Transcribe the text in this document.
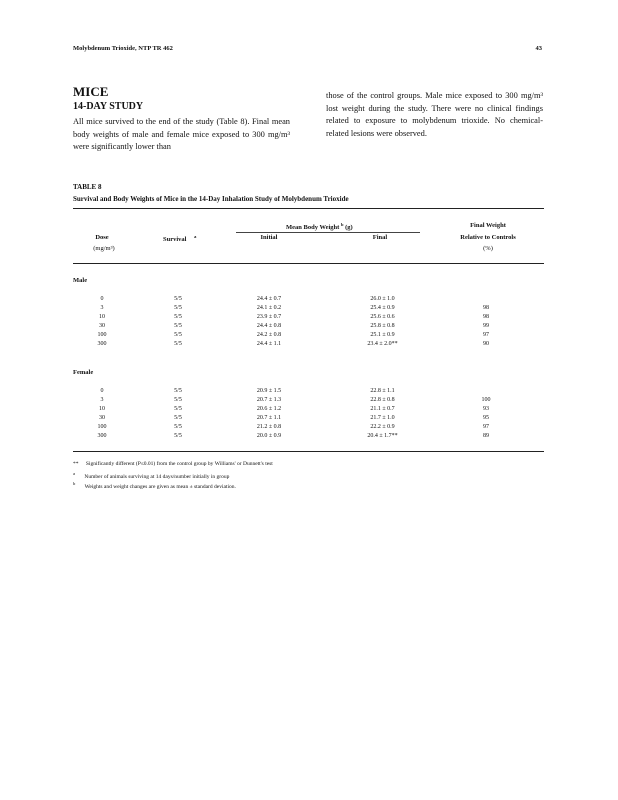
Molybdenum Trioxide, NTP TR 462	43
MICE
14-DAY STUDY
All mice survived to the end of the study (Table 8). Final mean body weights of male and female mice exposed to 300 mg/m³ were significantly lower than
those of the control groups. Male mice exposed to 300 mg/m³ lost weight during the study. There were no clinical findings related to exposure to molybdenum trioxide. No chemical-related lesions were observed.
TABLE 8
Survival and Body Weights of Mice in the 14-Day Inhalation Study of Molybdenum Trioxide
Mean Body Weight $^b$ (g)	Final Weight
Dose
(mg/m³)
Survival $^a$	Initial	Final	Relative to Controls
(%)
Male
0	5/5	24.4 ± 0.7	26.0 ± 1.0
3	5/5	24.1 ± 0.2	25.4 ± 0.9	98
10	5/5	23.9 ± 0.7	25.6 ± 0.6	98
30	5/5	24.4 ± 0.8	25.8 ± 0.8	99
100	5/5	24.2 ± 0.8	25.1 ± 0.9	97
300	5/5	24.4 ± 1.1	23.4 ± 2.0**	90
Female
0	5/5	20.9 ± 1.5	22.8 ± 1.1
3	5/5	20.7 ± 1.3	22.8 ± 0.8	100
10	5/5	20.6 ± 1.2	21.1 ± 0.7	93
30	5/5	20.7 ± 1.1	21.7 ± 1.0	95
100	5/5	21.2 ± 0.8	22.2 ± 0.9	97
300	5/5	20.0 ± 0.9	20.4 ± 1.7**	89
** Significantly different (P≤0.01) from the control group by Williams' or Dunnett's test
$^a$ Number of animals surviving at 14 days/number initially in group
$^b$ Weights and weight changes are given as mean ± standard deviation.
